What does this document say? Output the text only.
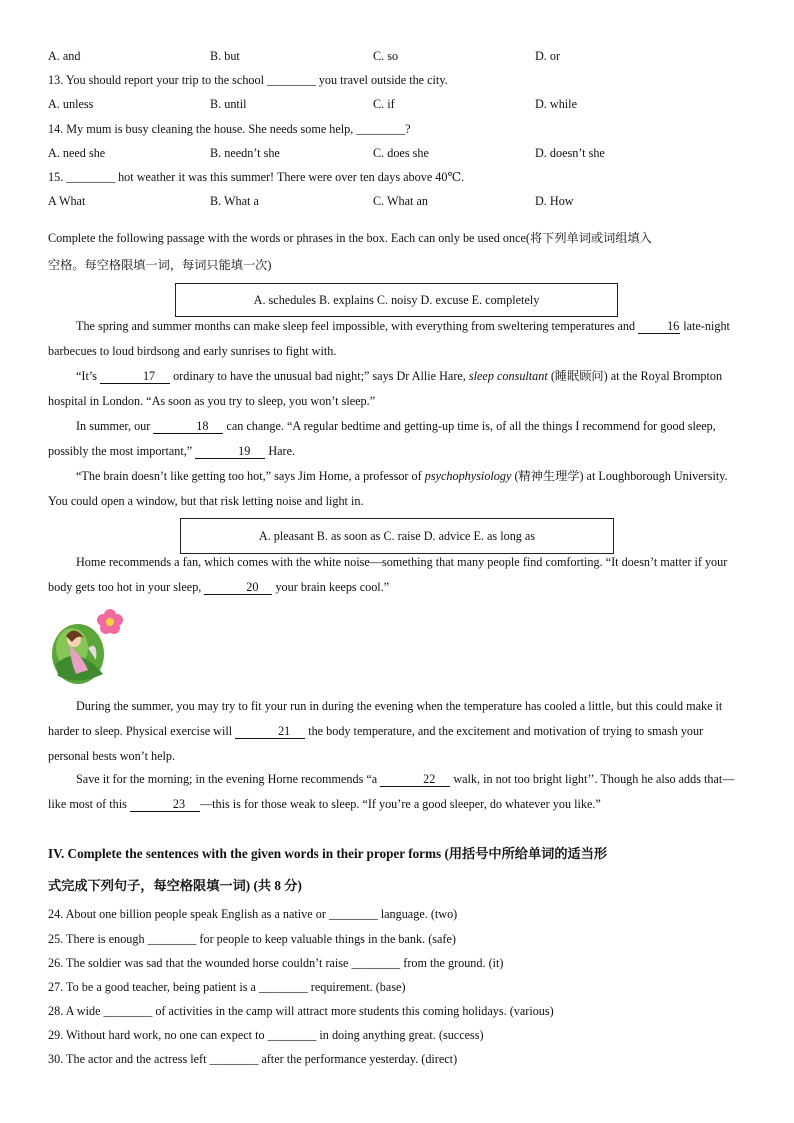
A. and	B. but	C. so	D. or
13. You should report your trip to the school ________ you travel outside the city.
A. unless	B. until	C. if	D. while
14. My mum is busy cleaning the house. She needs some help, ________?
A. need she	B. needn’t she	C. does she	D. doesn’t she
15. ________ hot weather it was this summer! There were over ten days above 40℃.
A What	B. What a	C. What an	D. How
Complete the following passage with the words or phrases in the box. Each can only be used once(将下列单词或词组填入
空格。每空格限填一词，每词只能填一次)
A. schedules B. explains C. noisy D. excuse E. completely
The spring and summer months can make sleep feel impossible, with everything from sweltering temperatures and 16 late-night barbecues to loud birdsong and early sunrises to fight with.
“It’s	17 ordinary to have the unusual bad night;” says Dr Allie Hare, sleep consultant (睡眠顾问) at the Royal Brompton hospital in London. “As soon as you try to sleep, you won’t sleep.”
In summer, our	18 can change. “A regular bedtime and getting-up time is, of all the things I recommend for good sleep, possibly the most important,”	19 Hare.
“The brain doesn’t like getting too hot,” says Jim Home, a professor of psychophysiology (精神生理学) at Loughborough University. You could open a window, but that risk letting noise and light in.
A. pleasant B. as soon as C. raise D. advice E. as long as
Home recommends a fan, which comes with the white noise—something that many people find comforting. “It doesn’t matter if your body gets too hot in your sleep,	20 your brain keeps cool.”
During the summer, you may try to fit your run in during the evening when the temperature has cooled a little, but this could make it harder to sleep. Physical exercise will	21 the body temperature, and the excitement and motivation of trying to smash your personal bests won’t help.
Save it for the morning; in the evening Horne recommends “a	22 walk, in not too bright light’’. Though he also adds that—like most of this	23 —this is for those weak to sleep. “If you’re a good sleeper, do whatever you like.”
IV. Complete the sentences with the given words in their proper forms (用括号中所给单词的适当形
式完成下列句子，每空格限填一词) (共 8 分)
24. About one billion people speak English as a native or ________ language. (two)
25. There is enough ________ for people to keep valuable things in the bank. (safe)
26. The soldier was sad that the wounded horse couldn’t raise ________ from the ground. (it)
27. To be a good teacher, being patient is a ________ requirement. (base)
28. A wide ________ of activities in the camp will attract more students this coming holidays. (various)
29. Without hard work, no one can expect to ________ in doing anything great. (success)
30. The actor and the actress left ________ after the performance yesterday. (direct)
